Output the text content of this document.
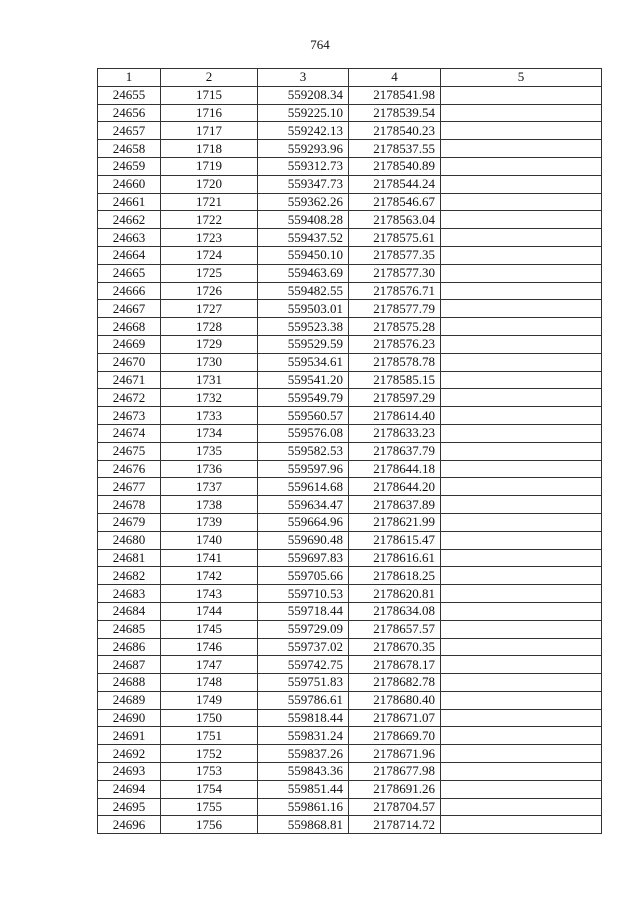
764
1	2	3	4	5
24655	1715	559208.34	2178541.98	
24656	1716	559225.10	2178539.54	
24657	1717	559242.13	2178540.23	
24658	1718	559293.96	2178537.55	
24659	1719	559312.73	2178540.89	
24660	1720	559347.73	2178544.24	
24661	1721	559362.26	2178546.67	
24662	1722	559408.28	2178563.04	
24663	1723	559437.52	2178575.61	
24664	1724	559450.10	2178577.35	
24665	1725	559463.69	2178577.30	
24666	1726	559482.55	2178576.71	
24667	1727	559503.01	2178577.79	
24668	1728	559523.38	2178575.28	
24669	1729	559529.59	2178576.23	
24670	1730	559534.61	2178578.78	
24671	1731	559541.20	2178585.15	
24672	1732	559549.79	2178597.29	
24673	1733	559560.57	2178614.40	
24674	1734	559576.08	2178633.23	
24675	1735	559582.53	2178637.79	
24676	1736	559597.96	2178644.18	
24677	1737	559614.68	2178644.20	
24678	1738	559634.47	2178637.89	
24679	1739	559664.96	2178621.99	
24680	1740	559690.48	2178615.47	
24681	1741	559697.83	2178616.61	
24682	1742	559705.66	2178618.25	
24683	1743	559710.53	2178620.81	
24684	1744	559718.44	2178634.08	
24685	1745	559729.09	2178657.57	
24686	1746	559737.02	2178670.35	
24687	1747	559742.75	2178678.17	
24688	1748	559751.83	2178682.78	
24689	1749	559786.61	2178680.40	
24690	1750	559818.44	2178671.07	
24691	1751	559831.24	2178669.70	
24692	1752	559837.26	2178671.96	
24693	1753	559843.36	2178677.98	
24694	1754	559851.44	2178691.26	
24695	1755	559861.16	2178704.57	
24696	1756	559868.81	2178714.72	
